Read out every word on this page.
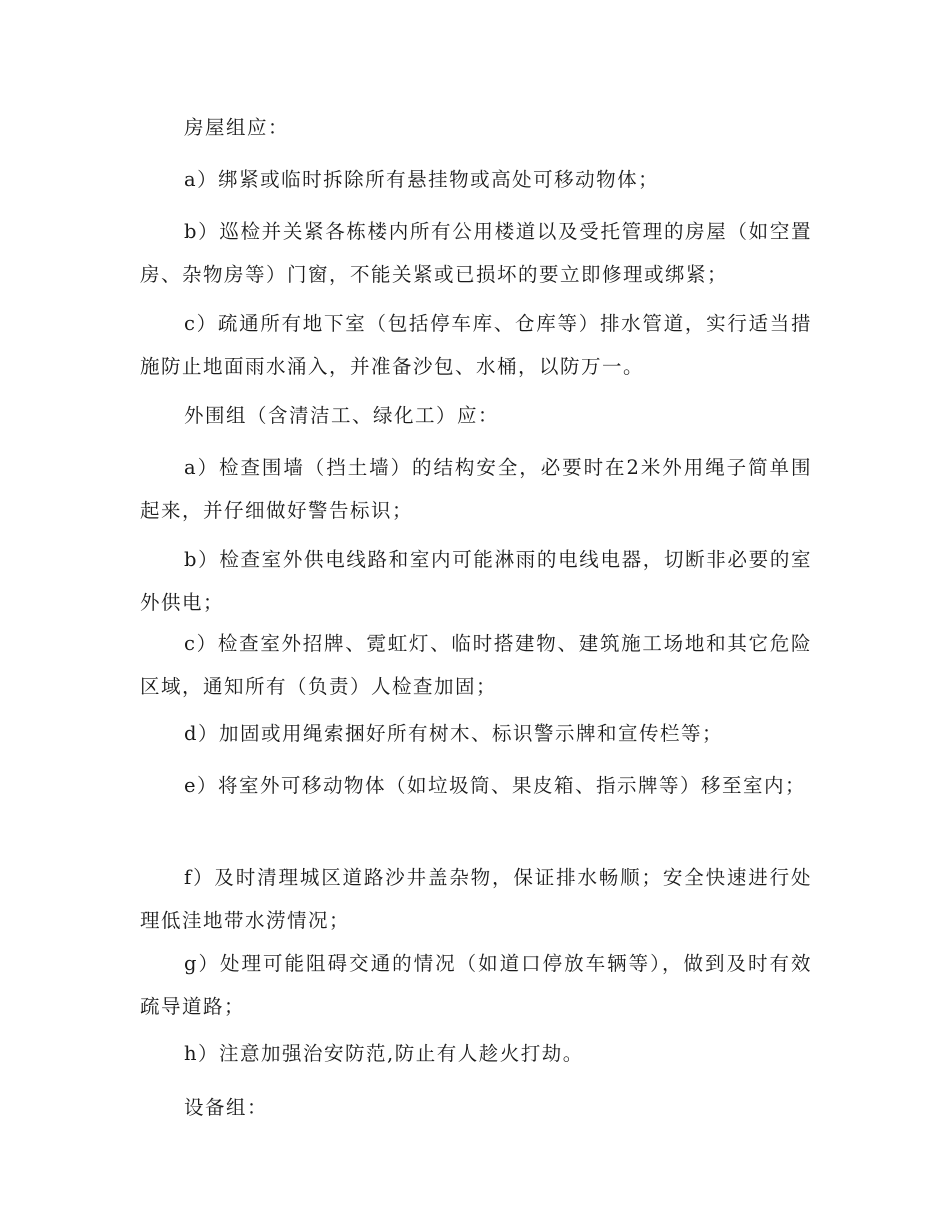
房屋组应：

a）绑紧或临时拆除所有悬挂物或高处可移动物体；

b）巡检并关紧各栋楼内所有公用楼道以及受托管理的房屋（如空置房、杂物房等）门窗，不能关紧或已损坏的要立即修理或绑紧；

c）疏通所有地下室（包括停车库、仓库等）排水管道，实行适当措施防止地面雨水涌入，并准备沙包、水桶，以防万一。

外围组（含清洁工、绿化工）应：

a）检查围墙（挡土墙）的结构安全，必要时在2米外用绳子简单围起来，并仔细做好警告标识；

b）检查室外供电线路和室内可能淋雨的电线电器，切断非必要的室外供电；

c）检查室外招牌、霓虹灯、临时搭建物、建筑施工场地和其它危险区域，通知所有（负责）人检查加固；

d）加固或用绳索捆好所有树木、标识警示牌和宣传栏等；

e）将室外可移动物体（如垃圾筒、果皮箱、指示牌等）移至室内；

f）及时清理城区道路沙井盖杂物，保证排水畅顺；安全快速进行处理低洼地带水涝情况；

g）处理可能阻碍交通的情况（如道口停放车辆等），做到及时有效疏导道路；

h）注意加强治安防范,防止有人趁火打劫。

设备组：
